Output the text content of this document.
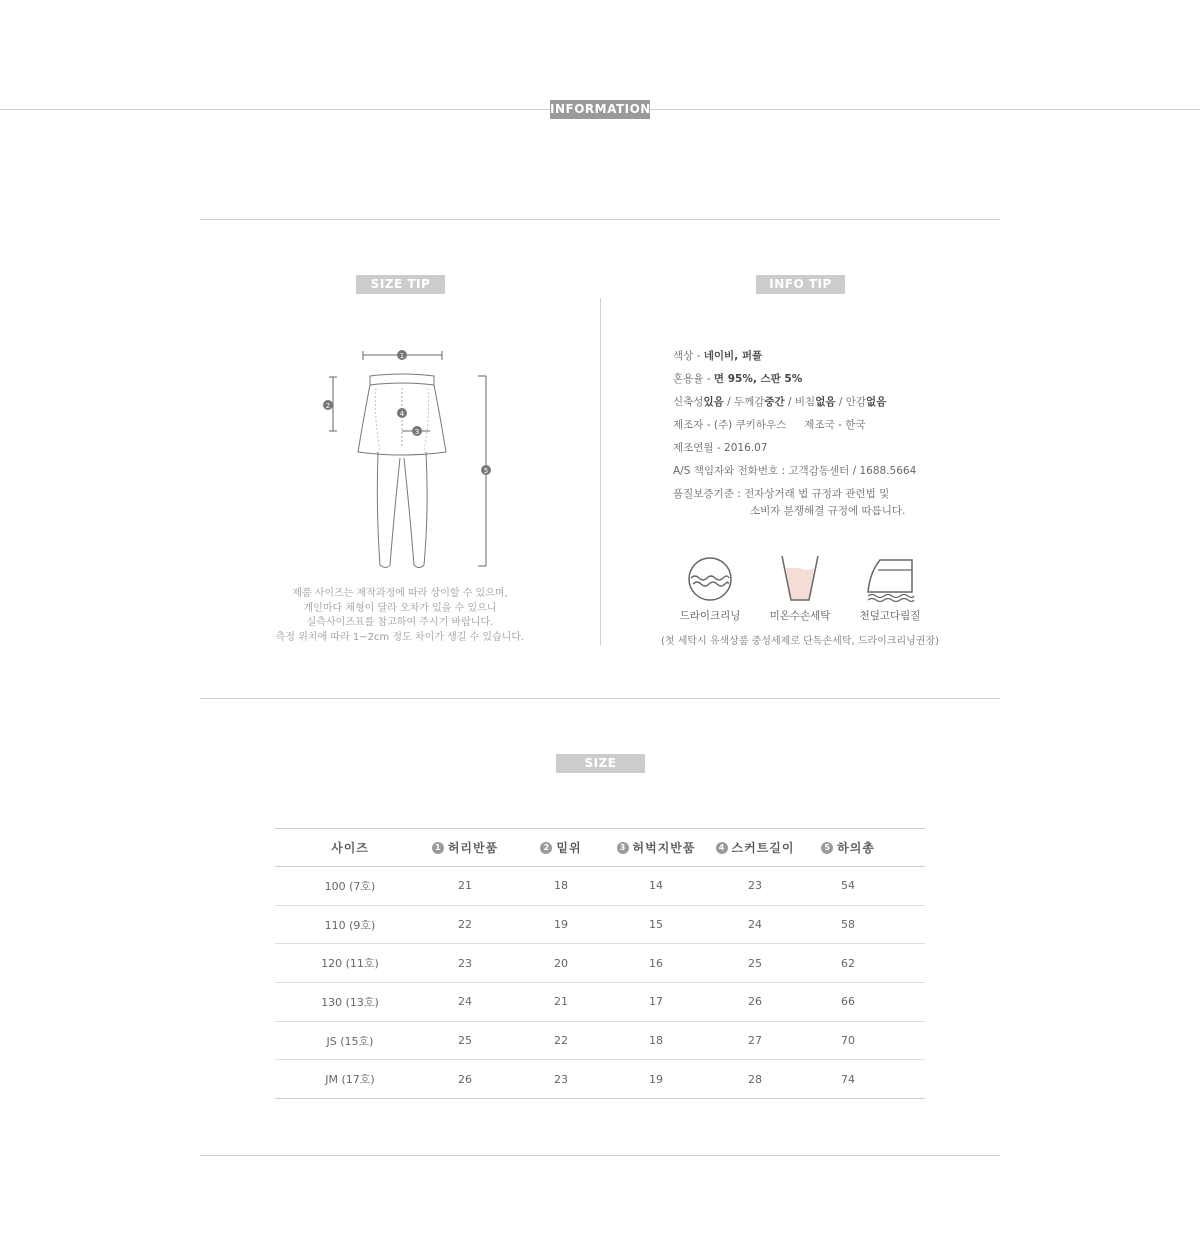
INFORMATION
SIZE TIP
1
2
4
3
5
제품 사이즈는 제작과정에 따라 상이할 수 있으며,
개인마다 체형이 달라 오차가 있을 수 있으니
실측사이즈표를 참고하여 주시기 바랍니다.
측정 위치에 따라 1~2cm 정도 차이가 생길 수 있습니다.
INFO TIP
색상 - 네이비, 퍼플
혼용율 - 면 95%, 스판 5%
신축성있음 / 두께감중간 / 비침없음 / 안감없음
제조자 - (주) 쿠키하우스 제조국 - 한국
제조연월 - 2016.07
A/S 책임자와 전화번호 : 고객감동센터 / 1688.5664
품질보증기준 : 전자상거래 법 규정과 관련법 및
소비자 분쟁해결 규정에 따릅니다.
드라이크리닝	미온수손세탁	천덮고다림질
(첫 세탁시 유색상품 중성세제로 단독손세탁, 드라이크리닝권장)
SIZE
사이즈	1 허리반품	2 밑위	3 허벅지반품	4 스커트길이	5 하의총
100 (7호)	21	18	14	23	54
110 (9호)	22	19	15	24	58
120 (11호)	23	20	16	25	62
130 (13호)	24	21	17	26	66
JS (15호)	25	22	18	27	70
JM (17호)	26	23	19	28	74
